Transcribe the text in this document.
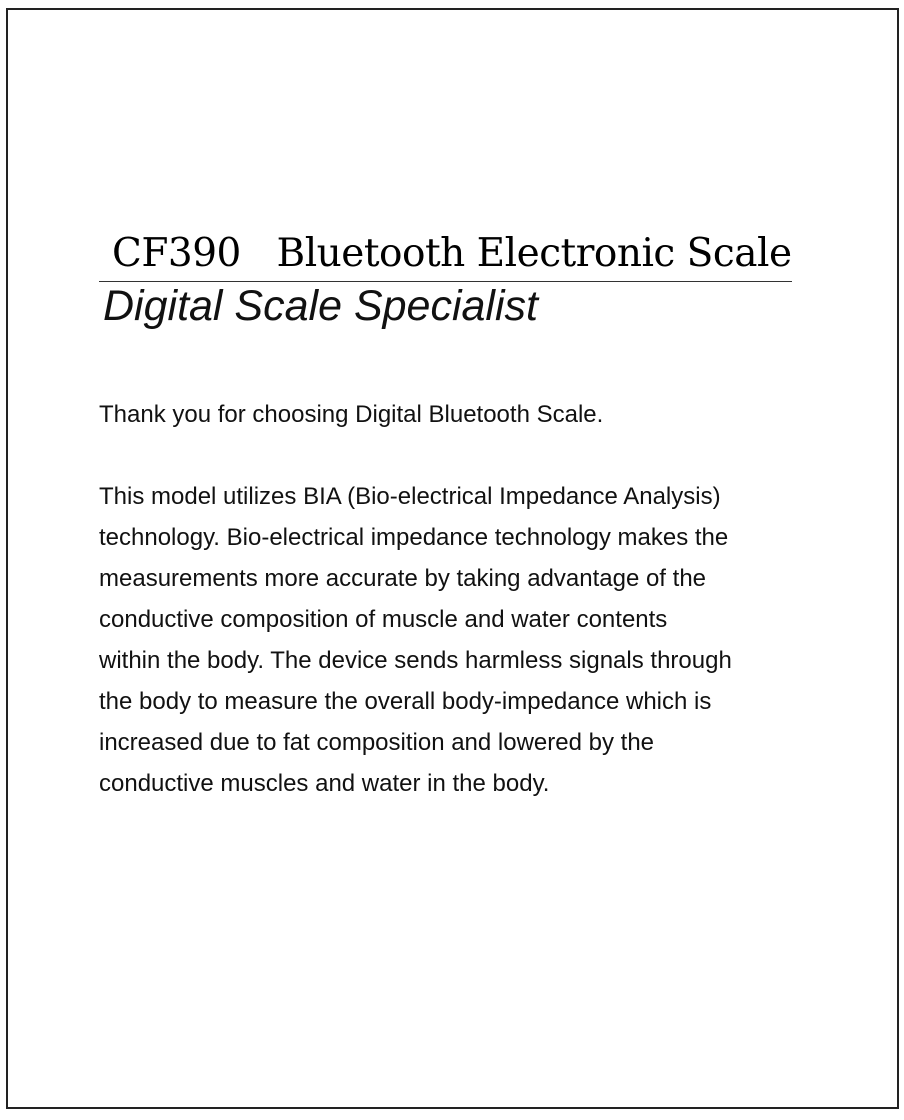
CF390   Bluetooth Electronic Scale
Digital Scale Specialist

Thank you for choosing Digital Bluetooth Scale.

This model utilizes BIA (Bio-electrical Impedance Analysis)
technology. Bio-electrical impedance technology makes the
measurements more accurate by taking advantage of the
conductive composition of muscle and water contents
within the body. The device sends harmless signals through
the body to measure the overall body-impedance which is
increased due to fat composition and lowered by the
conductive muscles and water in the body.
